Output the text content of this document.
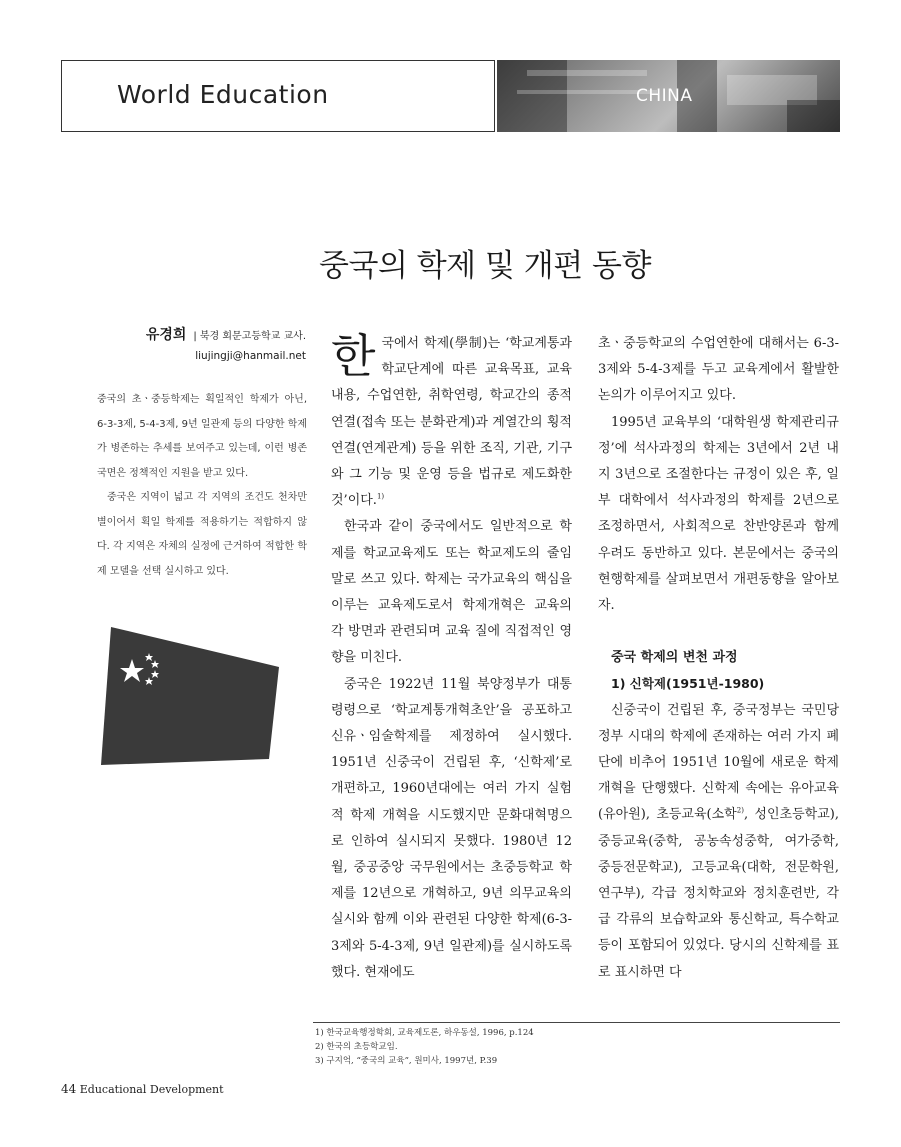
World Education	CHINA
중국의 학제 및 개편 동향
유경희 | 북경 회문고등학교 교사.
liujingji@hanmail.net

중국의 초ㆍ중등학제는 획일적인 학제가 아닌, 6-3-3제, 5-4-3제, 9년 일관제 등의 다양한 학제가 병존하는 추세를 보여주고 있는데, 이런 병존 국면은 정책적인 지원을 받고 있다.

중국은 지역이 넓고 각 지역의 조건도 천차만별이어서 획일 학제를 적용하기는 적합하지 않다. 각 지역은 자체의 실정에 근거하여 적합한 학제 모델을 선택 실시하고 있다.

한국에서 학제(學制)는 ‘학교계통과 학교단계에 따른 교육목표, 교육내용, 수업연한, 취학연령, 학교간의 종적 연결(접속 또는 분화관계)과 계열간의 횡적 연결(연계관계) 등을 위한 조직, 기관, 기구와 그 기능 및 운영 등을 법규로 제도화한 것’이다.$^{1)}$

한국과 같이 중국에서도 일반적으로 학제를 학교교육제도 또는 학교제도의 줄임말로 쓰고 있다. 학제는 국가교육의 핵심을 이루는 교육제도로서 학제개혁은 교육의 각 방면과 관련되며 교육 질에 직접적인 영향을 미친다.

중국은 1922년 11월 북양정부가 대통령령으로 ‘학교계통개혁초안’을 공포하고 신유ㆍ임술학제를 제정하여 실시했다. 1951년 신중국이 건립된 후, ‘신학제’로 개편하고, 1960년대에는 여러 가지 실험적 학제 개혁을 시도했지만 문화대혁명으로 인하여 실시되지 못했다. 1980년 12월, 중공중앙 국무원에서는 초중등학교 학제를 12년으로 개혁하고, 9년 의무교육의 실시와 함께 이와 관련된 다양한 학제(6-3-3제와 5-4-3제, 9년 일관제)를 실시하도록 했다. 현재에도

초ㆍ중등학교의 수업연한에 대해서는 6-3-3제와 5-4-3제를 두고 교육계에서 활발한 논의가 이루어지고 있다.

1995년 교육부의 ‘대학원생 학제관리규정’에 석사과정의 학제는 3년에서 2년 내지 3년으로 조절한다는 규정이 있은 후, 일부 대학에서 석사과정의 학제를 2년으로 조정하면서, 사회적으로 찬반양론과 함께 우려도 동반하고 있다. 본문에서는 중국의 현행학제를 살펴보면서 개편동향을 알아보자.

중국 학제의 변천 과정

1) 신학제(1951년-1980)

신중국이 건립된 후, 중국정부는 국민당정부 시대의 학제에 존재하는 여러 가지 폐단에 비추어 1951년 10월에 새로운 학제개혁을 단행했다. 신학제 속에는 유아교육(유아원), 초등교육(소학$^{2)}$, 성인초등학교), 중등교육(중학, 공농속성중학, 여가중학, 중등전문학교), 고등교육(대학, 전문학원, 연구부), 각급 정치학교와 정치훈련반, 각급 각류의 보습학교와 통신학교, 특수학교 등이 포함되어 있었다. 당시의 신학제를 표로 표시하면 다

1) 한국교육행정학회, 교육제도론, 하우동설, 1996, p.124
2) 한국의 초등학교임.
3) 구지억, “중국의 교육”, 원미사, 1997년, P.39
44 Educational Development
